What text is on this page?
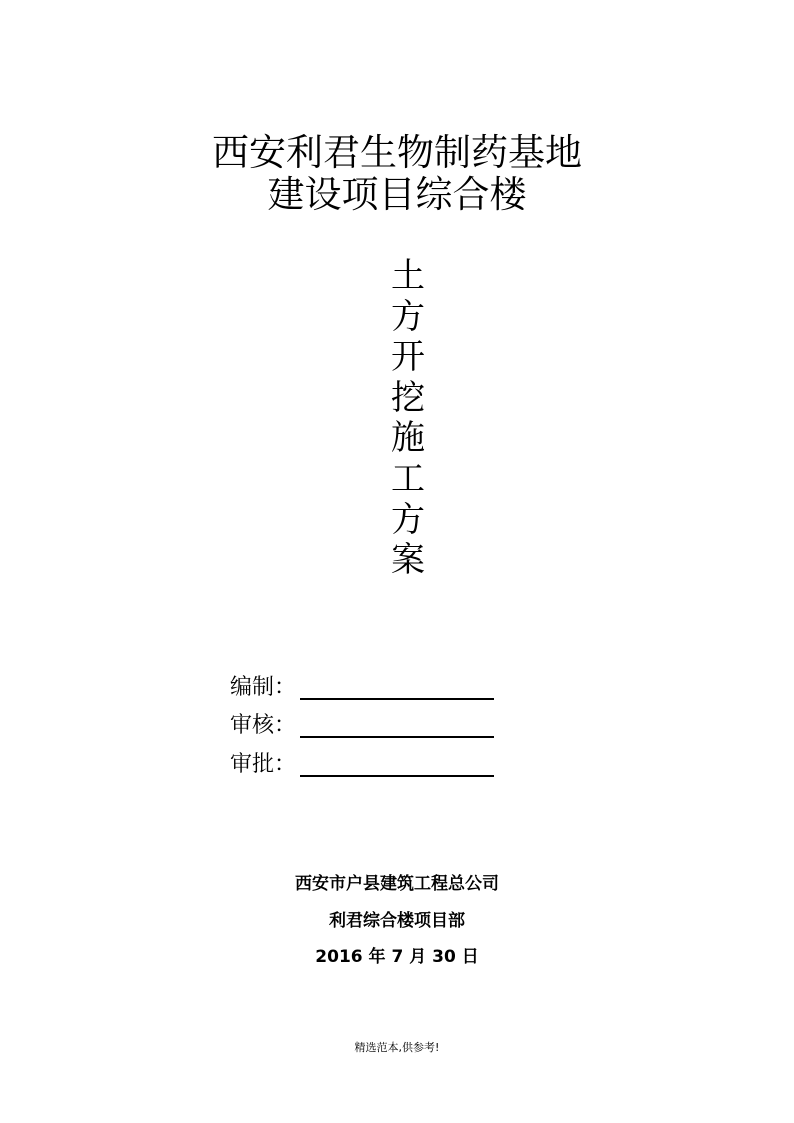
西安利君生物制药基地
建设项目综合楼
土
方
开
挖
施
工
方
案
编制：
审核：
审批：
西安市户县建筑工程总公司
利君综合楼项目部
2016 年 7 月 30 日
精选范本,供参考!
